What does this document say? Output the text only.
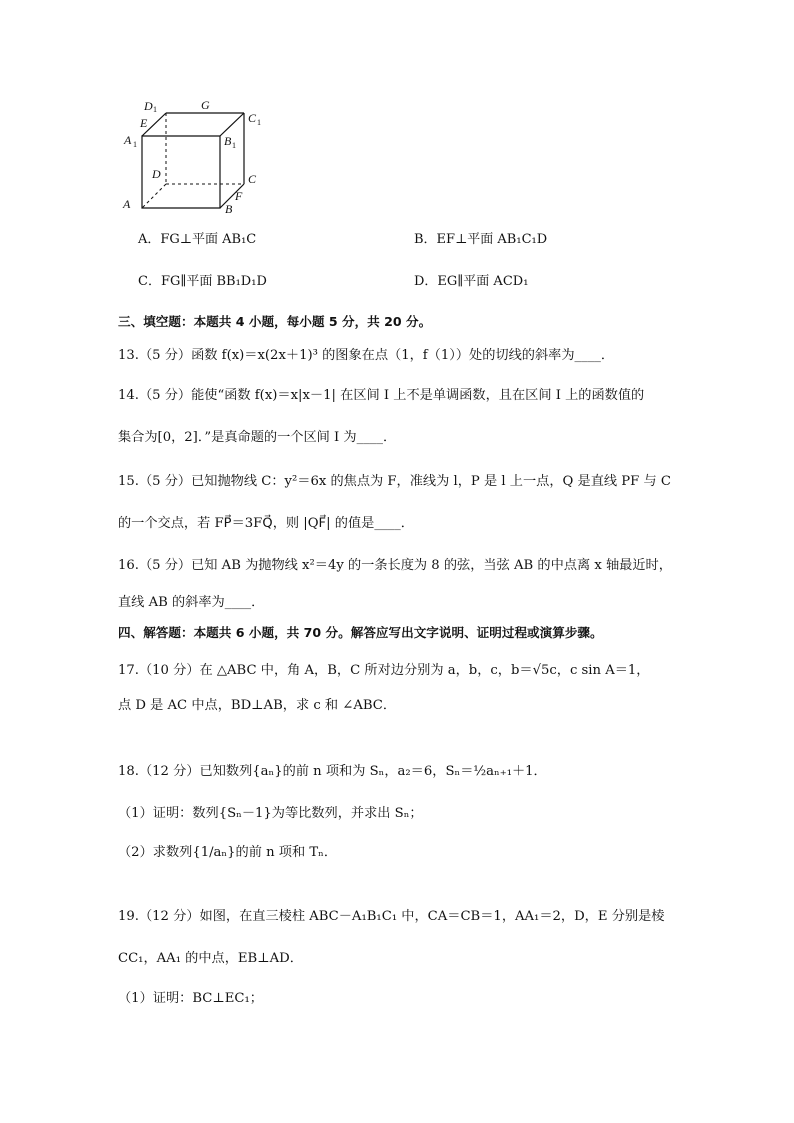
D 1	G
C 1
E
A 1	B 1
D	C
A
F
B
A．FG⊥平面 AB₁C	B．EF⊥平面 AB₁C₁D
C．FG∥平面 BB₁D₁D	D．EG∥平面 ACD₁
三、填空题：本题共 4 小题，每小题 5 分，共 20 分。
13.（5 分）函数 f(x)＝x(2x＋1)³ 的图象在点（1，f（1））处的切线的斜率为____．
14.（5 分）能使“函数 f(x)＝x|x－1| 在区间 I 上不是单调函数，且在区间 I 上的函数值的
集合为[0，2]．”是真命题的一个区间 I 为____．
15.（5 分）已知抛物线 C：y²＝6x 的焦点为 F，准线为 l，P 是 l 上一点，Q 是直线 PF 与 C
的一个交点，若 FP⃗＝3FQ⃗，则 |QF⃗| 的值是____．
16.（5 分）已知 AB 为抛物线 x²＝4y 的一条长度为 8 的弦，当弦 AB 的中点离 x 轴最近时，
直线 AB 的斜率为____．
四、解答题：本题共 6 小题，共 70 分。解答应写出文字说明、证明过程或演算步骤。
17.（10 分）在 △ABC 中，角 A，B，C 所对边分别为 a，b，c，b＝√5c，c sin A＝1，
点 D 是 AC 中点，BD⊥AB，求 c 和 ∠ABC．
18.（12 分）已知数列{aₙ}的前 n 项和为 Sₙ，a₂＝6，Sₙ＝½aₙ₊₁＋1．
（1）证明：数列{Sₙ－1}为等比数列，并求出 Sₙ；
（2）求数列{1/aₙ}的前 n 项和 Tₙ．
19.（12 分）如图，在直三棱柱 ABC－A₁B₁C₁ 中，CA＝CB＝1，AA₁＝2，D，E 分别是棱
CC₁，AA₁ 的中点，EB⊥AD．
（1）证明：BC⊥EC₁；
